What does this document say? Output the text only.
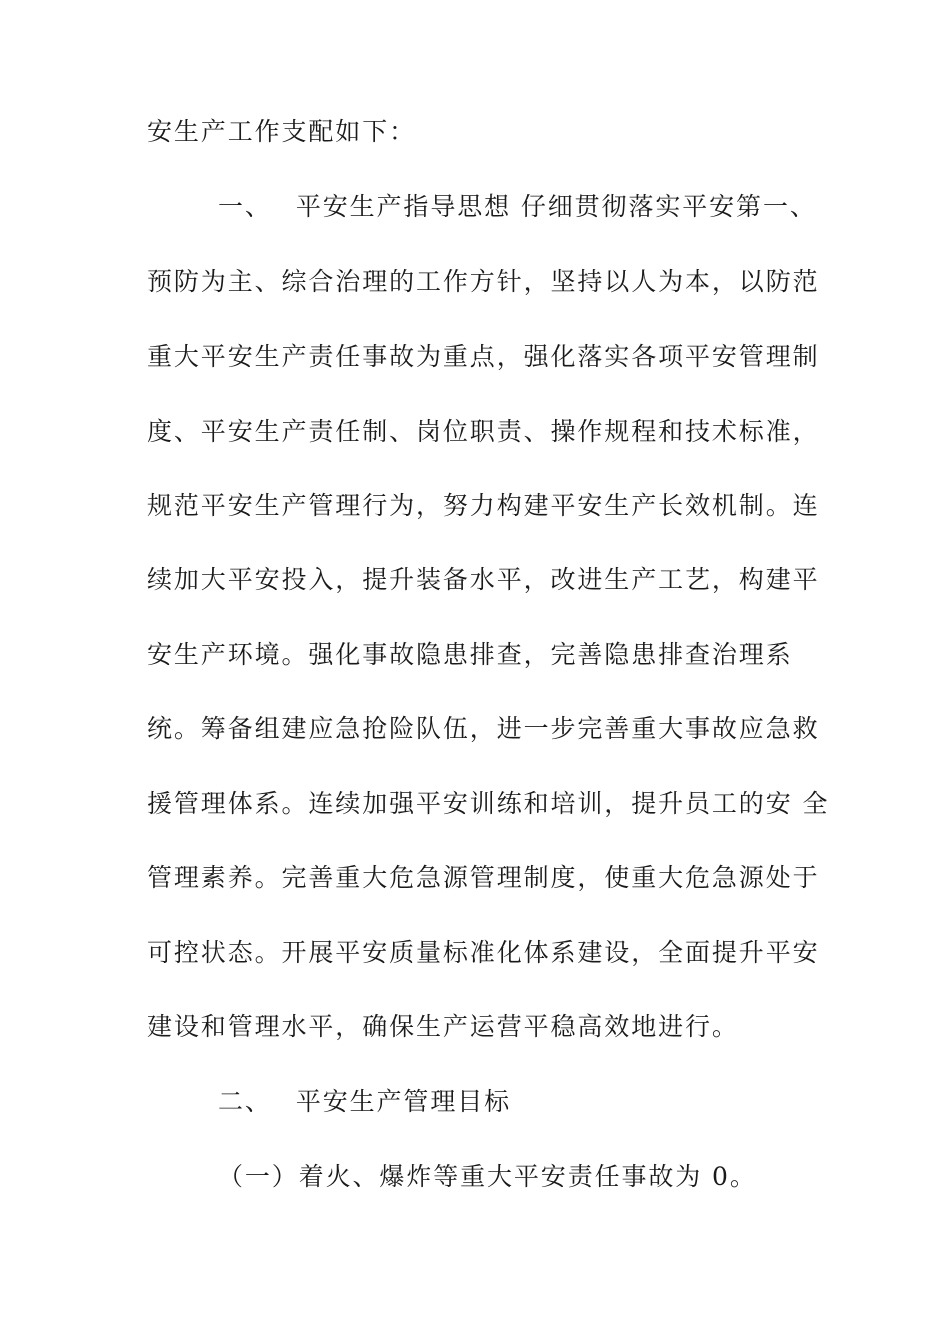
安生产工作支配如下：
一、 平安生产指导思想 仔细贯彻落实平安第一、
预防为主、综合治理的工作方针，坚持以人为本，以防范
重大平安生产责任事故为重点，强化落实各项平安管理制
度、平安生产责任制、岗位职责、操作规程和技术标准，
规范平安生产管理行为，努力构建平安生产长效机制。连
续加大平安投入，提升装备水平，改进生产工艺，构建平
安生产环境。强化事故隐患排查，完善隐患排查治理系
统。筹备组建应急抢险队伍，进一步完善重大事故应急救
援管理体系。连续加强平安训练和培训，提升员工的安 全
管理素养。完善重大危急源管理制度，使重大危急源处于
可控状态。开展平安质量标准化体系建设，全面提升平安
建设和管理水平，确保生产运营平稳高效地进行。
二、 平安生产管理目标
（一）着火、爆炸等重大平安责任事故为 0。
